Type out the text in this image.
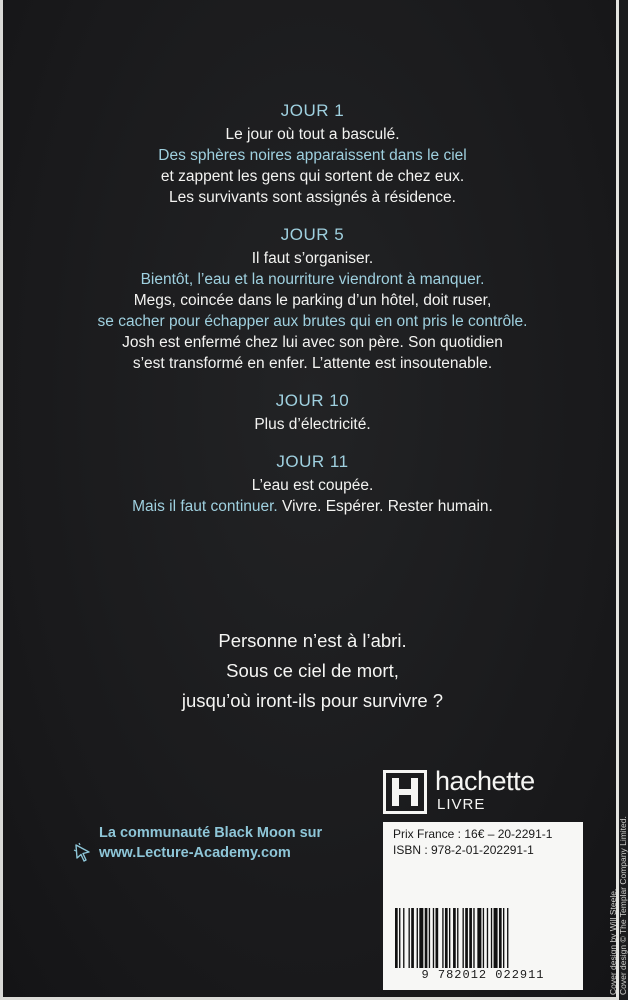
JOUR 1
Le jour où tout a basculé.
Des sphères noires apparaissent dans le ciel
et zappent les gens qui sortent de chez eux.
Les survivants sont assignés à résidence.
JOUR 5
Il faut s’organiser.
Bientôt, l’eau et la nourriture viendront à manquer.
Megs, coincée dans le parking d’un hôtel, doit ruser,
se cacher pour échapper aux brutes qui en ont pris le contrôle.
Josh est enfermé chez lui avec son père. Son quotidien
s’est transformé en enfer. L’attente est insoutenable.
JOUR 10
Plus d’électricité.
JOUR 11
L’eau est coupée.
Mais il faut continuer. Vivre. Espérer. Rester humain.
Personne n’est à l’abri.
Sous ce ciel de mort,
jusqu’où iront-ils pour survivre ?
hachette
LIVRE
La communauté Black Moon sur
www.Lecture-Academy.com
Prix France : 16€ – 20-2291-1
ISBN : 978-2-01-202291-1
9 782012 022911	Cover design by Will Steele. Cover design © The Templar Company Limited.
